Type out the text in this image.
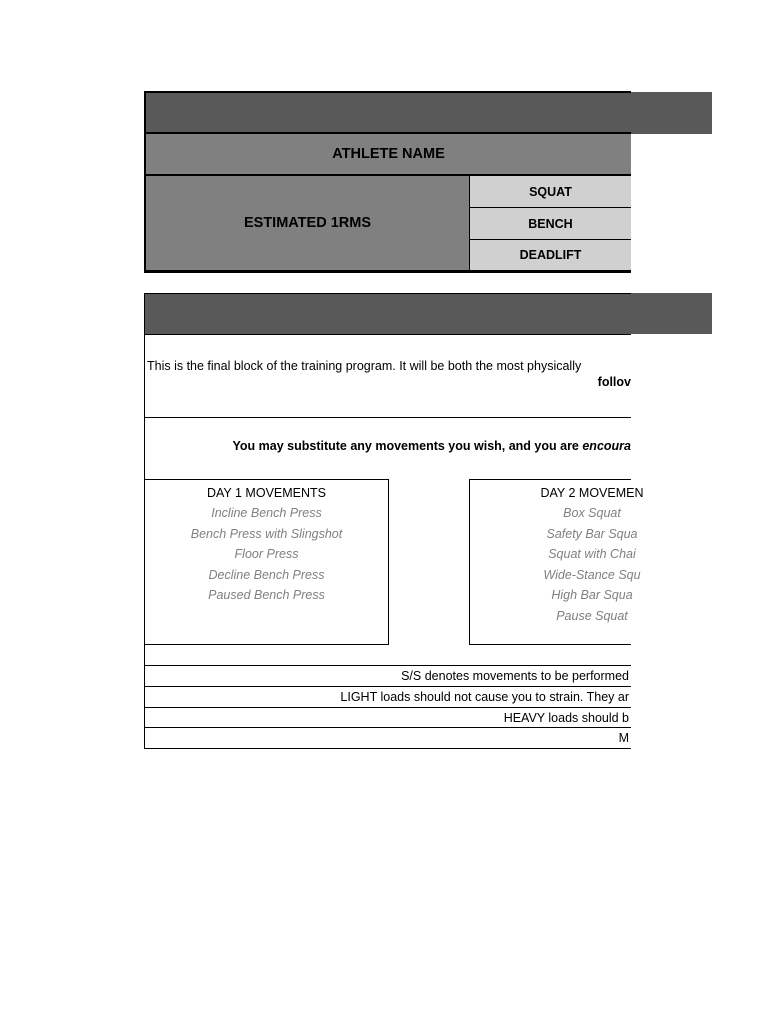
ATHLETE NAME
ESTIMATED 1RMS
SQUAT
BENCH
DEADLIFT
This is the final block of the training program. It will be both the most physically
follov
You may substitute any movements you wish, and you are encoura
DAY 1 MOVEMENTS
Incline Bench Press
Bench Press with Slingshot
Floor Press
Decline Bench Press
Paused Bench Press
DAY 2 MOVEMEN
Box Squat
Safety Bar Squa
Squat with Chai
Wide-Stance Squ
High Bar Squa
Pause Squat
S/S denotes movements to be performed
LIGHT loads should not cause you to strain. They ar
HEAVY loads should b
M
